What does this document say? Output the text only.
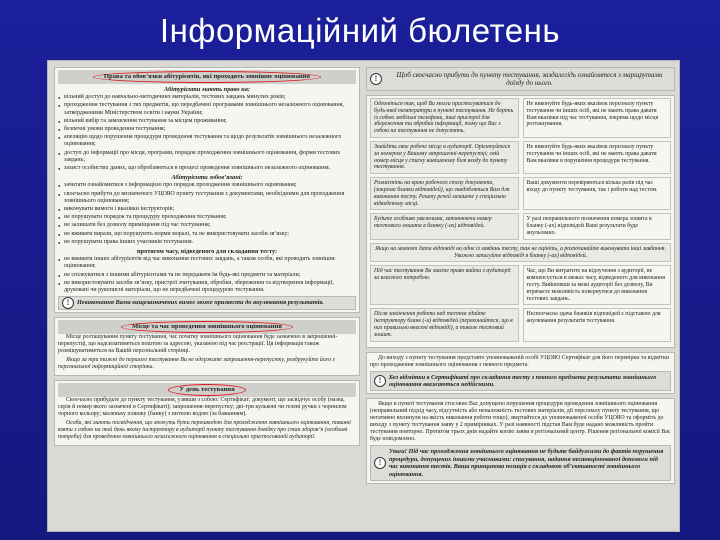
Інформаційний бюлетень
Права та обов’язки абітурієнтів, які проходять зовнішнє оцінювання
Абітурієнти мають право на:
● вільний доступ до навчально-методичних матеріалів, тестових завдань минулих років;
● проходження тестування з тих предметів, що передбачені програмами зовнішнього незалежного оцінювання, затвердженими Міністерством освіти і науки України;
● вільний вибір та замовлення тестування за місцем проживання;
● безпечні умови проведення тестування;
● апеляцію щодо порушення процедури проведення тестування та щодо результатів зовнішнього незалежного оцінювання;
● доступ до інформації про місця, програми, порядок проходження зовнішнього оцінювання, форми тестових завдань;
● захист особистих даних, що обробляються в процесі проведення зовнішнього незалежного оцінювання.
Абітурієнти зобов’язані:
● зачитати ознайомитися з інформацією про порядок проходження зовнішнього оцінювання;
● своєчасно прибути до визначеного УЦОЯО пункту тестування з документами, необхідними для проходження зовнішнього оцінювання;
● виконувати вимоги і вказівки інструкторів;
● не порушувати порядок та процедуру проходження тестування;
● не залишати без дозволу приміщення під час тестування;
● не вживати вирази, що порушують норми моралі, та не використовувати засоби зв’язку;
● не порушувати права інших учасників тестування.
протягом часу, відведеного для складання тесту:
● не вживати інших абітурієнтів від час виконання тестових завдань, а також особи, які проводять зовнішнє оцінювання;
● не спілкуватися з іншими абітурієнтами та не передавати їм будь-які предмети та матеріали;
● не використовувати засоби зв’язку, пристрої зчитування, обробки, збереження та відтворення інформації, друковані чи рукописні матеріали, що не передбачені процедурою тестування.
!	Невиконання Вами вищезазначених вимог може призвести до анулювання результатів.
Місце та час проведення зовнішнього оцінювання
Місце розташування пункту тестування, час початку зовнішнього оцінювання буде зазначено в запрошенні-перепустці, що надсилатиметься поштою за адресою, указаною під час реєстрації. Ця інформація також розміщуватиметься на Вашій персональній сторінці.
Якщо за три тижні до першого тестування Ви не одержите запрошення-перепустку, роздрукуйте його з персональної інформаційної сторінки.
У день тестування
Своєчасно прибудьте до пункту тестування, узявши з собою: Сертифікат; документ, що засвідчує особу (назва, серія й номер якого зазначені в Сертифікаті); запрошення-перепустку; дві-три кулькові чи гелеві ручки з чорнилом чорного кольору; маленьку пляшку (банку) з питною водою (за бажанням).
Особи, які мають посвідчення, що можуть бути перешкодою для проходження зовнішнього оцінювання, повинні взяти з собою на той день якому інструктору в аудиторії пункту тестування довідку про стан здоров’я (особливі потреби) для проведення зовнішнього незалежного оцінювання в спеціально пристосованій аудиторії.
!	Щоб своєчасно прибути до пункту тестування, заздалегідь ознайомтеся з маршрутами доїзду до нього.
Одягніться так, щоб Ви могли пристосуватися до будь-якої температури в пункті тестування. Не беріть із собою мобільні телефони, інші пристрої для збереження та обробки інформації, тому що Вас з собою на тестування не допустять.
Не виконуйте будь-яких вказівок персоналу пункту тестування чи інших осіб, які не мають права давати Вам вказівки під час тестування, зокрема щодо місця розташування.
Знайдіть своє робоче місце в аудиторії. Орієнтуйтеся за номером у Вашому запрошенні-перепустці; свій номер місця у списку вивішеному біля входу до пункту тестування.
Не виконуйте будь-яких вказівок персоналу пункту тестування чи інших осіб, які не мають права давати Вам вказівки в порушення процедури тестування.
Розмістіть на краю робочого столу документи, (зокрема бланки відповідей), що знадобляться Вам для виконання тесту. Решту речей залиште у спеціально відведеному місці.
Ваші документи перевіряються кілька разів під час входу до пункту тестування, так і роботи над тестом.
Будьте особливо уважними, заповнюючи номер тестового зошита в бланку (-ах) відповідей.
У разі неправильного позначення номера зошита в бланку (-ах) відповідей Ваші результати буде анульовано.
Якщо на момент дати відповіді на одне із завдань тесту, так не оцініть, а розпочинайте виконувати інші завдання. Уважно записуйте відповіді в бланку (-ах) відповідей.
Під час тестування Ви маєте право вийти з аудиторії за власного потребою.
Час, що Ви витратите на відлучення з аудиторії, не компенсується в межах часу, відведеного для виконання тесту. Вийшовши за межі аудиторії без дозволу, Ви втрачаєте можливість повернутися до виконання тестових завдань.
Після закінчення роботи над тестом здайте інструктору бланк (-и) відповідей (переконайтеся, що в них правильно внесені відповіді), а також тестовий зошит.
Несвоєчасна здача бланків відповідей є підставою для анулювання результатів тестування.
До виходу з пункту тестування представте уповноваженій особі УЦОЯО Сертифікат для його перевірки та відмітки про проходження зовнішнього оцінювання з певного предмета.
!	Без відмітки в Сертифікаті про складання тесту з певного предмета результати зовнішнього оцінювання вважаються недійсними.
Якщо в пункті тестування стосовно Вас допущено порушення процедури проведення зовнішнього оцінювання (неправильний підхід часу, відсутність або неналежність тестових матеріалів, дії персоналу пункту тестування, що негативно вплинули на якість виконання роботи тощо), звертайтеся до уповноваженої особи УЦОЯО та оформіть до виходу з пункту тестування заяву у 2 примірниках. У разі наявності підстав Вам буде надано можливість пройти тестування повторно. Протягом трьох днів надайте копію заяви в регіональний центр. Рішення регіональної комісії Вас буде повідомлено.
!
Увага! Під час проходження зовнішнього оцінювання не будьте байдужими до фактів порушення процедури, допущених іншими учасниками: списування, надання несанкціонованої допомоги під час виконання тестів. Ваша принципова позиція є складовою об’єктивності зовнішнього оцінювання.
